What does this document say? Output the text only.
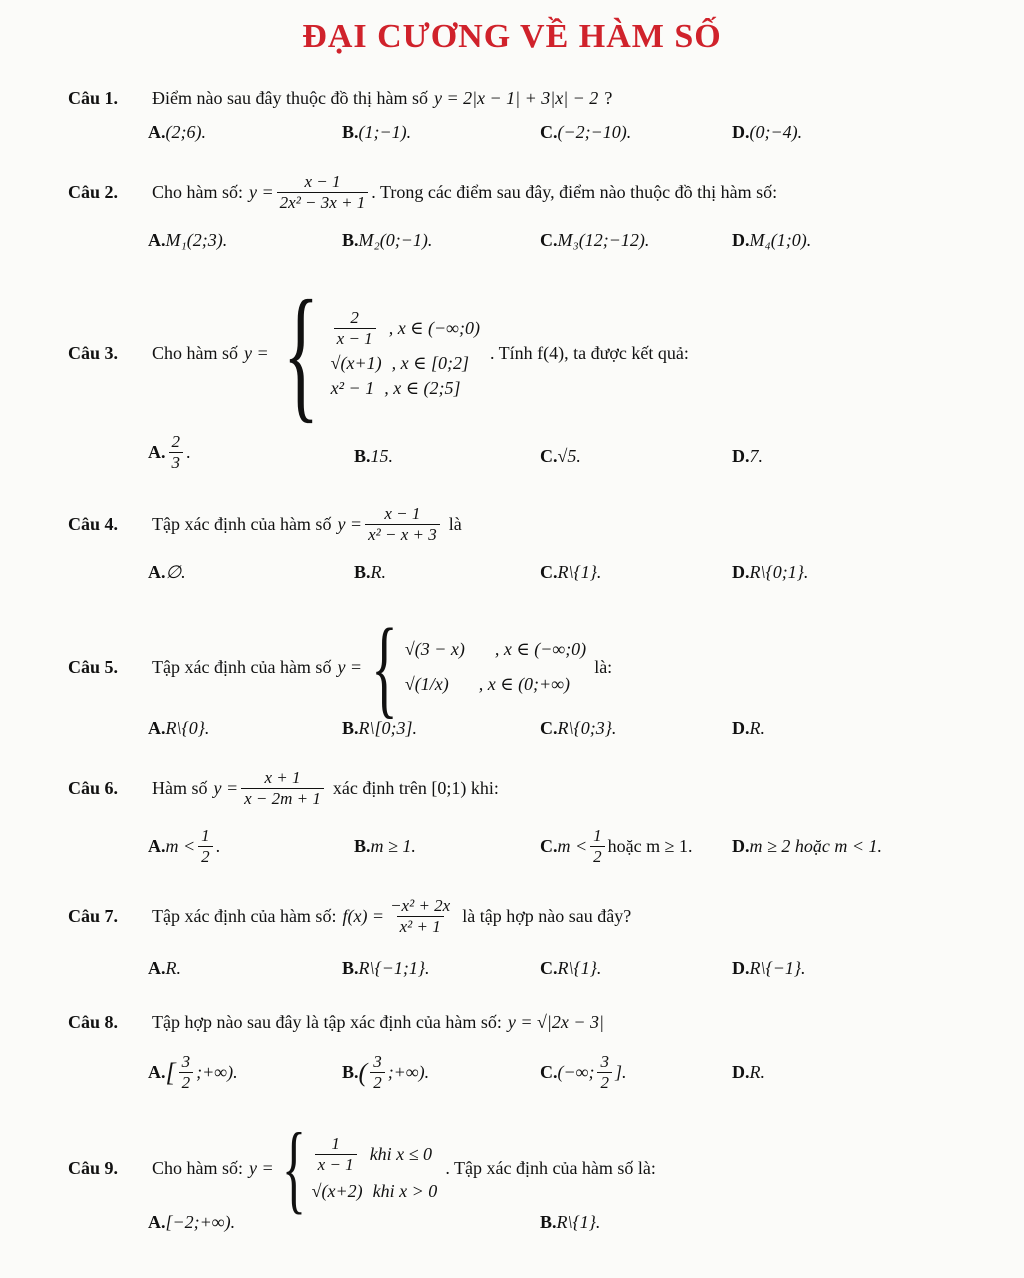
ĐẠI CƯƠNG VỀ HÀM SỐ
Câu 1.	Điểm nào sau đây thuộc đồ thị hàm số y = 2|x − 1| + 3|x| − 2 ?
A. (2;6).	B. (1;−1).	C. (−2;−10).	D. (0;−4).
Câu 2.	Cho hàm số: $y = \frac{x - 1}{\text{2x² − 3x + 1}}$ . Trong các điểm sau đây, điểm nào thuộc đồ thị hàm số:
A. M₁(2;3).	B. M₂(0;−1).	C. M₃(12;−12).	D. M₄(1;0).
Câu 3.	Cho hàm số y = { $\frac{2}{x - 1}$ , x ∈ (−∞;0)
√(x+1) , x ∈ [0;2]
x² − 1 , x ∈ (2;5]
. Tính f(4), ta được kết quả:
A. $\frac{2}{3}$ .	B. 15.	C. √5.	D. 7.
Câu 4.	Tập xác định của hàm số $y = \frac{x - 1}{\text{x² − x + 3}}$ là
A. ∅.	B. R.	C. R\{1}.	D. R\{0;1}.
Câu 5.	Tập xác định của hàm số y = { √(3 − x) , x ∈ (−∞;0)
√(1/x) , x ∈ (0;+∞)
là:
A. R\{0}.	B. R\[0;3].	C. R\{0;3}.	D. R.
Câu 6.	Hàm số $y = \frac{x + 1}{x - 2m + 1}$ xác định trên [0;1) khi:
A. $m < \frac{1}{2}$ .	B. m ≥ 1.	C. $m < \frac{1}{2}$ hoặc m ≥ 1. D. m ≥ 2 hoặc m < 1.
Câu 7.	Tập xác định của hàm số: $f(x) = \frac{\text{−x² + 2x}}{\text{x² + 1}}$ là tập hợp nào sau đây?
A. R.	B. R\{−1;1}.	C. R\{1}.	D. R\{−1}.
Câu 8.	Tập hợp nào sau đây là tập xác định của hàm số: y = √|2x − 3|
A. [ $\frac{3}{2}$ ;+∞).	B. ( $\frac{3}{2}$ ;+∞).	C. (−∞; $\frac{3}{2}$ ].	D. R.
Câu 9.	Cho hàm số: y = { $\frac{1}{x - 1}$ khi x ≤ 0
√(x+2) khi x > 0
. Tập xác định của hàm số là:
A. [−2;+∞).	B. R\{1}.
